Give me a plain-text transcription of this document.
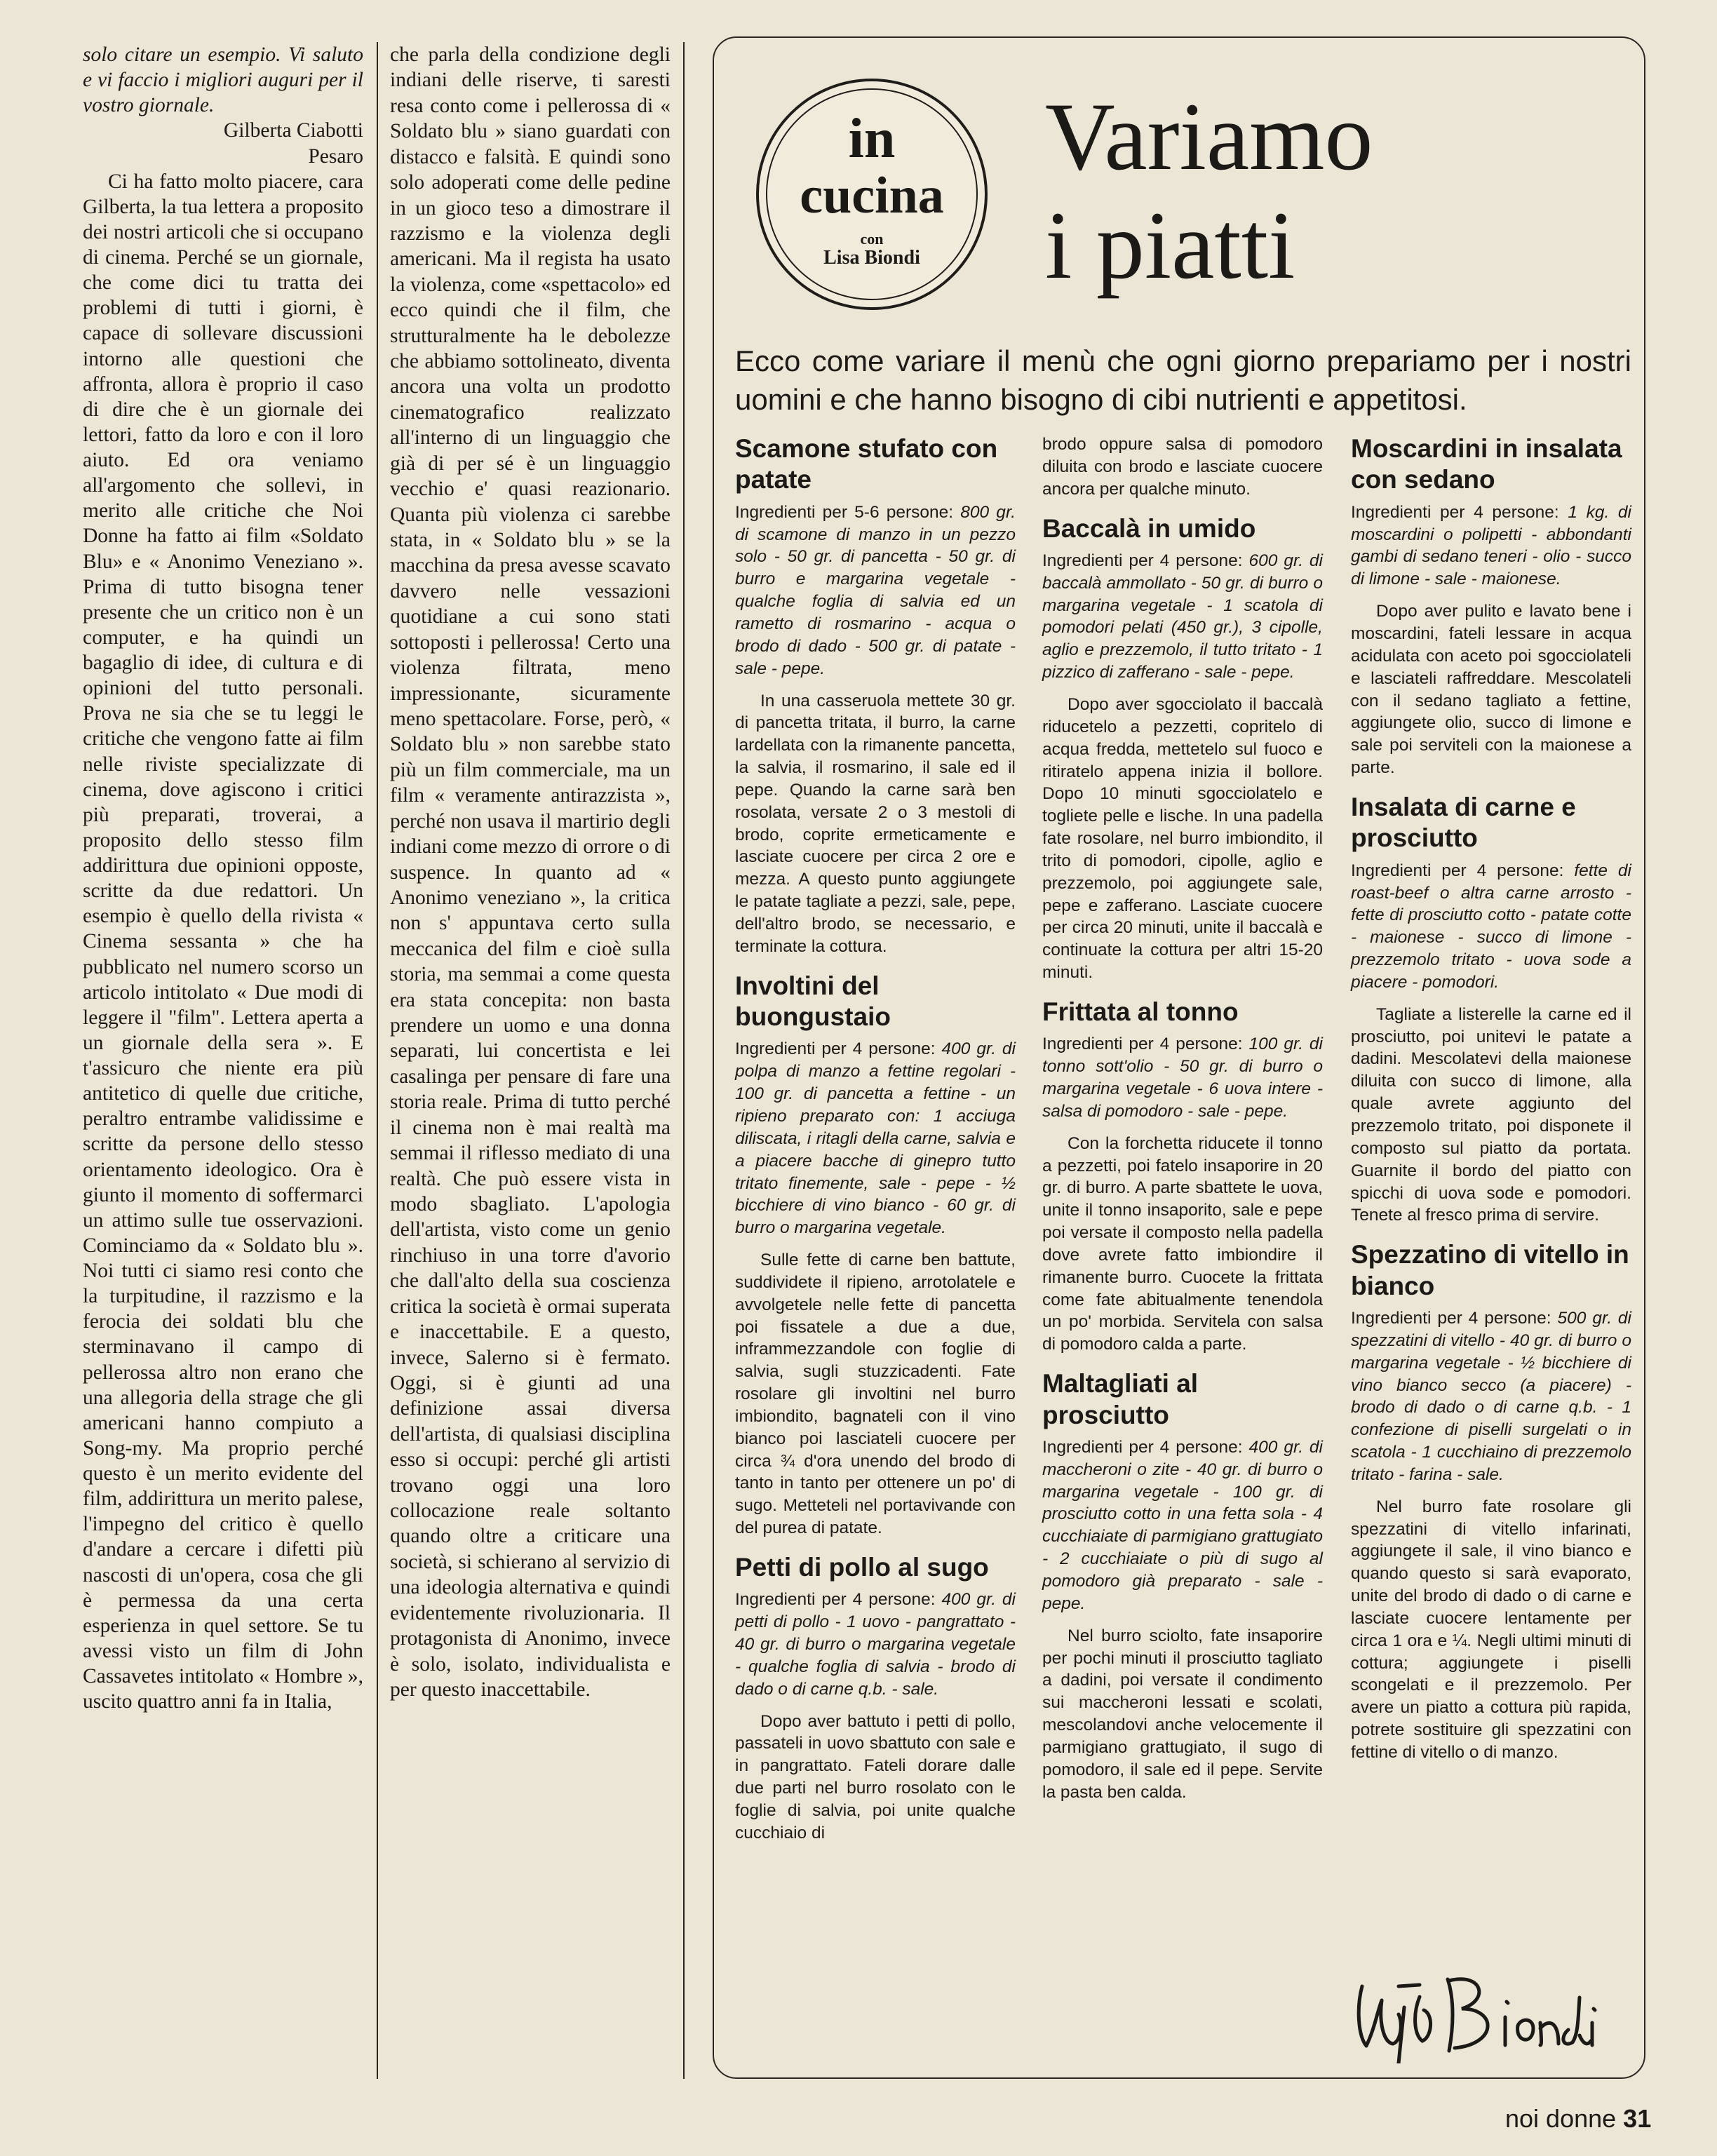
solo citare un esempio. Vi saluto e vi faccio i migliori auguri per il vostro giornale.

Gilberta Ciabotti

Pesaro

Ci ha fatto molto piacere, cara Gilberta, la tua lettera a proposito dei nostri articoli che si occupano di cinema. Perché se un giornale, che come dici tu tratta dei problemi di tutti i giorni, è capace di sollevare discussioni intorno alle questioni che affronta, allora è proprio il caso di dire che è un giornale dei lettori, fatto da loro e con il loro aiuto. Ed ora veniamo all'argomento che sollevi, in merito alle critiche che Noi Donne ha fatto ai film «Soldato Blu» e « Anonimo Veneziano ». Prima di tutto bisogna tener presente che un critico non è un computer, e ha quindi un bagaglio di idee, di cultura e di opinioni del tutto personali. Prova ne sia che se tu leggi le critiche che vengono fatte ai film nelle riviste specializzate di cinema, dove agiscono i critici più preparati, troverai, a proposito dello stesso film addirittura due opinioni opposte, scritte da due redattori. Un esempio è quello della rivista « Cinema sessanta » che ha pubblicato nel numero scorso un articolo intitolato « Due modi di leggere il "film". Lettera aperta a un giornale della sera ». E t'assicuro che niente era più antitetico di quelle due critiche, peraltro entrambe validissime e scritte da persone dello stesso orientamento ideologico. Ora è giunto il momento di soffermarci un attimo sulle tue osservazioni. Cominciamo da « Soldato blu ». Noi tutti ci siamo resi conto che la turpitudine, il razzismo e la ferocia dei soldati blu che sterminavano il campo di pellerossa altro non erano che una allegoria della strage che gli americani hanno compiuto a Song-my. Ma proprio perché questo è un merito evidente del film, addirittura un merito palese, l'impegno del critico è quello d'andare a cercare i difetti più nascosti di un'opera, cosa che gli è permessa da una certa esperienza in quel settore. Se tu avessi visto un film di John Cassavetes intitolato « Hombre », uscito quattro anni fa in Italia,

che parla della condizione degli indiani delle riserve, ti saresti resa conto come i pellerossa di « Soldato blu » siano guardati con distacco e falsità. E quindi sono solo adoperati come delle pedine in un gioco teso a dimostrare il razzismo e la violenza degli americani. Ma il regista ha usato la violenza, come «spettacolo» ed ecco quindi che il film, che strutturalmente ha le debolezze che abbiamo sottolineato, diventa ancora una volta un prodotto cinematografico realizzato all'interno di un linguaggio che già di per sé è un linguaggio vecchio e' quasi reazionario. Quanta più violenza ci sarebbe stata, in « Soldato blu » se la macchina da presa avesse scavato davvero nelle vessazioni quotidiane a cui sono stati sottoposti i pellerossa! Certo una violenza filtrata, meno impressionante, sicuramente meno spettacolare. Forse, però, « Soldato blu » non sarebbe stato più un film commerciale, ma un film « veramente antirazzista », perché non usava il martirio degli indiani come mezzo di orrore o di suspence. In quanto ad « Anonimo veneziano », la critica non s' appuntava certo sulla meccanica del film e cioè sulla storia, ma semmai a come questa era stata concepita: non basta prendere un uomo e una donna separati, lui concertista e lei casalinga per pensare di fare una storia reale. Prima di tutto perché il cinema non è mai realtà ma semmai il riflesso mediato di una realtà. Che può essere vista in modo sbagliato. L'apologia dell'artista, visto come un genio rinchiuso in una torre d'avorio che dall'alto della sua coscienza critica la società è ormai superata e inaccettabile. E a questo, invece, Salerno si è fermato. Oggi, si è giunti ad una definizione assai diversa dell'artista, di qualsiasi disciplina esso si occupi: perché gli artisti trovano oggi una loro collocazione reale soltanto quando oltre a criticare una società, si schierano al servizio di una ideologia alternativa e quindi evidentemente rivoluzionaria. Il protagonista di Anonimo, invece è solo, isolato, individualista e per questo inaccettabile.

in
cucina
con
Lisa Biondi
Variamo
i piatti

Ecco come variare il menù che ogni giorno prepariamo per i nostri uomini e che hanno bisogno di cibi nutrienti e appetitosi.

Scamone stufato con patate

Ingredienti per 5-6 persone: 800 gr. di scamone di manzo in un pezzo solo - 50 gr. di pancetta - 50 gr. di burro e margarina vegetale - qualche foglia di salvia ed un rametto di rosmarino - acqua o brodo di dado - 500 gr. di patate - sale - pepe.

In una casseruola mettete 30 gr. di pancetta tritata, il burro, la carne lardellata con la rimanente pancetta, la salvia, il rosmarino, il sale ed il pepe. Quando la carne sarà ben rosolata, versate 2 o 3 mestoli di brodo, coprite ermeticamente e lasciate cuocere per circa 2 ore e mezza. A questo punto aggiungete le patate tagliate a pezzi, sale, pepe, dell'altro brodo, se necessario, e terminate la cottura.

Involtini del buongustaio

Ingredienti per 4 persone: 400 gr. di polpa di manzo a fettine regolari - 100 gr. di pancetta a fettine - un ripieno preparato con: 1 acciuga diliscata, i ritagli della carne, salvia e a piacere bacche di ginepro tutto tritato finemente, sale - pepe - ½ bicchiere di vino bianco - 60 gr. di burro o margarina vegetale.

Sulle fette di carne ben battute, suddividete il ripieno, arrotolatele e avvolgetele nelle fette di pancetta poi fissatele a due a due, inframmezzandole con foglie di salvia, sugli stuzzicadenti. Fate rosolare gli involtini nel burro imbiondito, bagnateli con il vino bianco poi lasciateli cuocere per circa ¾ d'ora unendo del brodo di tanto in tanto per ottenere un po' di sugo. Metteteli nel portavivande con del purea di patate.

Petti di pollo al sugo

Ingredienti per 4 persone: 400 gr. di petti di pollo - 1 uovo - pangrattato - 40 gr. di burro o margarina vegetale - qualche foglia di salvia - brodo di dado o di carne q.b. - sale.

Dopo aver battuto i petti di pollo, passateli in uovo sbattuto con sale e in pangrattato. Fateli dorare dalle due parti nel burro rosolato con le foglie di salvia, poi unite qualche cucchiaio di

brodo oppure salsa di pomodoro diluita con brodo e lasciate cuocere ancora per qualche minuto.

Baccalà in umido

Ingredienti per 4 persone: 600 gr. di baccalà ammollato - 50 gr. di burro o margarina vegetale - 1 scatola di pomodori pelati (450 gr.), 3 cipolle, aglio e prezzemolo, il tutto tritato - 1 pizzico di zafferano - sale - pepe.

Dopo aver sgocciolato il baccalà riducetelo a pezzetti, copritelo di acqua fredda, mettetelo sul fuoco e ritiratelo appena inizia il bollore. Dopo 10 minuti sgocciolatelo e togliete pelle e lische. In una padella fate rosolare, nel burro imbiondito, il trito di pomodori, cipolle, aglio e prezzemolo, poi aggiungete sale, pepe e zafferano. Lasciate cuocere per circa 20 minuti, unite il baccalà e continuate la cottura per altri 15-20 minuti.

Frittata al tonno

Ingredienti per 4 persone: 100 gr. di tonno sott'olio - 50 gr. di burro o margarina vegetale - 6 uova intere - salsa di pomodoro - sale - pepe.

Con la forchetta riducete il tonno a pezzetti, poi fatelo insaporire in 20 gr. di burro. A parte sbattete le uova, unite il tonno insaporito, sale e pepe poi versate il composto nella padella dove avrete fatto imbiondire il rimanente burro. Cuocete la frittata come fate abitualmente tenendola un po' morbida. Servitela con salsa di pomodoro calda a parte.

Maltagliati al prosciutto

Ingredienti per 4 persone: 400 gr. di maccheroni o zite - 40 gr. di burro o margarina vegetale - 100 gr. di prosciutto cotto in una fetta sola - 4 cucchiaiate di parmigiano grattugiato - 2 cucchiaiate o più di sugo al pomodoro già preparato - sale - pepe.

Nel burro sciolto, fate insaporire per pochi minuti il prosciutto tagliato a dadini, poi versate il condimento sui maccheroni lessati e scolati, mescolandovi anche velocemente il parmigiano grattugiato, il sugo di pomodoro, il sale ed il pepe. Servite la pasta ben calda.

Moscardini in insalata con sedano

Ingredienti per 4 persone: 1 kg. di moscardini o polipetti - abbondanti gambi di sedano teneri - olio - succo di limone - sale - maionese.

Dopo aver pulito e lavato bene i moscardini, fateli lessare in acqua acidulata con aceto poi sgocciolateli e lasciateli raffreddare. Mescolateli con il sedano tagliato a fettine, aggiungete olio, succo di limone e sale poi serviteli con la maionese a parte.

Insalata di carne e prosciutto

Ingredienti per 4 persone: fette di roast-beef o altra carne arrosto - fette di prosciutto cotto - patate cotte - maionese - succo di limone - prezzemolo tritato - uova sode a piacere - pomodori.

Tagliate a listerelle la carne ed il prosciutto, poi unitevi le patate a dadini. Mescolatevi della maionese diluita con succo di limone, alla quale avrete aggiunto del prezzemolo tritato, poi disponete il composto sul piatto da portata. Guarnite il bordo del piatto con spicchi di uova sode e pomodori. Tenete al fresco prima di servire.

Spezzatino di vitello in bianco

Ingredienti per 4 persone: 500 gr. di spezzatini di vitello - 40 gr. di burro o margarina vegetale - ½ bicchiere di vino bianco secco (a piacere) - brodo di dado o di carne q.b. - 1 confezione di piselli surgelati o in scatola - 1 cucchiaino di prezzemolo tritato - farina - sale.

Nel burro fate rosolare gli spezzatini di vitello infarinati, aggiungete il sale, il vino bianco e quando questo si sarà evaporato, unite del brodo di dado o di carne e lasciate cuocere lentamente per circa 1 ora e ¼. Negli ultimi minuti di cottura; aggiungete i piselli scongelati e il prezzemolo. Per avere un piatto a cottura più rapida, potrete sostituire gli spezzatini con fettine di vitello o di manzo.

noi donne 31
